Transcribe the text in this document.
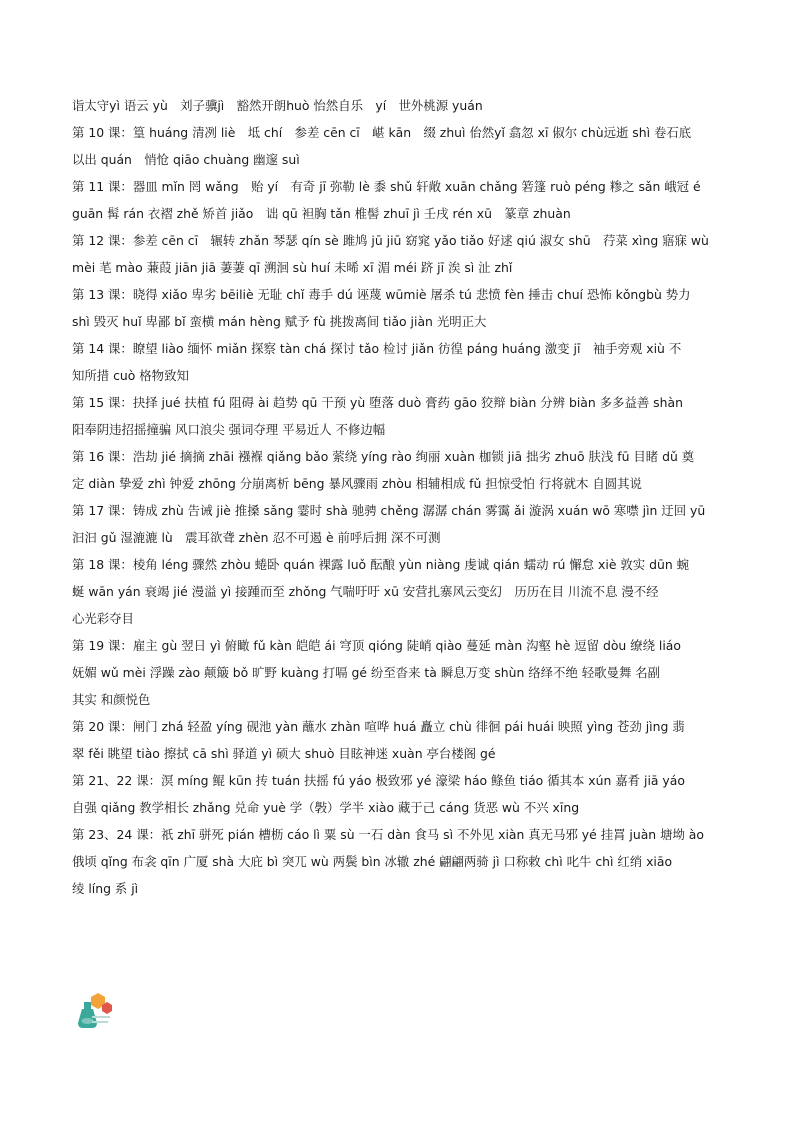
诣太守yì 语云 yù　刘子骥jì　豁然开朗huò 怡然自乐　yí　世外桃源 yuán
第 10 课：篁 huáng 清冽 liè　坻 chí　参差 cēn cī　嵁 kān　缀 zhuì 佁然yǐ 翕忽 xī 俶尔 chù远逝 shì 卷石底
以出 quán　悄怆 qiāo chuàng 幽邃 suì
第 11 课：器皿 mǐn 罔 wǎng　贻 yí　有奇 jī 弥勒 lè 黍 shǔ 轩敞 xuān chǎng 箬篷 ruò péng 糁之 sǎn 峨冠 é
guān 髯 rán 衣褶 zhě 矫首 jiǎo　诎 qū 袒胸 tǎn 椎髻 zhuī jì 壬戌 rén xū　篆章 zhuàn
第 12 课：参差 cēn cī　辗转 zhǎn 琴瑟 qín sè 雎鸠 jū jiū 窈窕 yǎo tiǎo 好逑 qiú 淑女 shū　荇菜 xìng 寤寐 wù
mèi 芼 mào 蒹葭 jiān jiā 萋萋 qī 溯洄 sù huí 未晞 xī 湄 méi 跻 jī 涘 sì 沚 zhǐ
第 13 课：晓得 xiǎo 卑劣 bēiliè 无耻 chǐ 毒手 dú 诬蔑 wūmiè 屠杀 tú 悲愤 fèn 捶击 chuí 恐怖 kǒngbù 势力
shì 毁灭 huǐ 卑鄙 bǐ 蛮横 mán hèng 赋予 fù 挑拨离间 tiǎo jiàn 光明正大
第 14 课：瞭望 liào 缅怀 miǎn 探察 tàn chá 探讨 tǎo 检讨 jiǎn 彷徨 páng huáng 激变 jī　袖手旁观 xiù 不
知所措 cuò 格物致知
第 15 课：抉择 jué 扶植 fú 阻碍 ài 趋势 qū 干预 yù 堕落 duò 膏药 gāo 狡辩 biàn 分辨 biàn 多多益善 shàn
阳奉阴违招摇撞骗 风口浪尖 强词夺理 平易近人 不修边幅
第 16 课：浩劫 jié 摘摘 zhāi 襁褓 qiǎng bǎo 萦绕 yíng rào 绚丽 xuàn 枷锁 jiā 拙劣 zhuō 肤浅 fū 目睹 dǔ 奠
定 diàn 挚爱 zhì 钟爱 zhōng 分崩离析 bēng 暴风骤雨 zhòu 相辅相成 fǔ 担惊受怕 行将就木 自圆其说
第 17 课：铸成 zhù 告诫 jiè 推搡 sǎng 霎时 shà 驰骋 chěng 潺潺 chán 雾霭 ǎi 漩涡 xuán wō 寒噤 jìn 迂回 yū
汩汩 gǔ 湿漉漉 lù　震耳欲聋 zhèn 忍不可遏 è 前呼后拥 深不可测
第 18 课：棱角 léng 骤然 zhòu 蜷卧 quán 裸露 luǒ 酝酿 yùn niàng 虔诚 qián 蠕动 rú 懈怠 xiè 敦实 dūn 蜿
蜒 wān yán 衰竭 jié 漫溢 yì 接踵而至 zhǒng 气喘吁吁 xū 安营扎寨风云变幻　历历在目 川流不息 漫不经
心光彩夺目
第 19 课：雇主 gù 翌日 yì 俯瞰 fǔ kàn 皑皑 ái 穹顶 qióng 陡峭 qiào 蔓延 màn 沟壑 hè 逗留 dòu 缭绕 liáo
妩媚 wǔ mèi 浮躁 zào 颠簸 bǒ 旷野 kuàng 打嗝 gé 纷至沓来 tà 瞬息万变 shùn 络绎不绝 轻歌曼舞 名副
其实 和颜悦色
第 20 课：闸门 zhá 轻盈 yíng 砚池 yàn 蘸水 zhàn 喧哗 huá 矗立 chù 徘徊 pái huái 映照 yìng 苍劲 jìng 翡
翠 fěi 眺望 tiào 擦拭 cā shì 驿道 yì 硕大 shuò 目眩神迷 xuàn 亭台楼阁 gé
第 21、22 课：溟 míng 鲲 kūn 抟 tuán 扶摇 fú yáo 极致邪 yé 濠梁 háo 鲦鱼 tiáo 循其本 xún 嘉肴 jiā yáo
自强 qiǎng 教学相长 zhǎng 兑命 yuè 学（斅）学半 xiào 藏于己 cáng 货恶 wù 不兴 xīng
第 23、24 课：祇 zhī 骈死 pián 槽枥 cáo lì 粟 sù 一石 dàn 食马 sì 不外见 xiàn 真无马邪 yé 挂罥 juàn 塘坳 ào
俄顷 qǐng 布衾 qīn 广厦 shà 大庇 bì 突兀 wù 两鬓 bìn 冰辙 zhé 翩翩两骑 jì 口称敕 chì 叱牛 chì 红绡 xiāo
绫 líng 系 jì
